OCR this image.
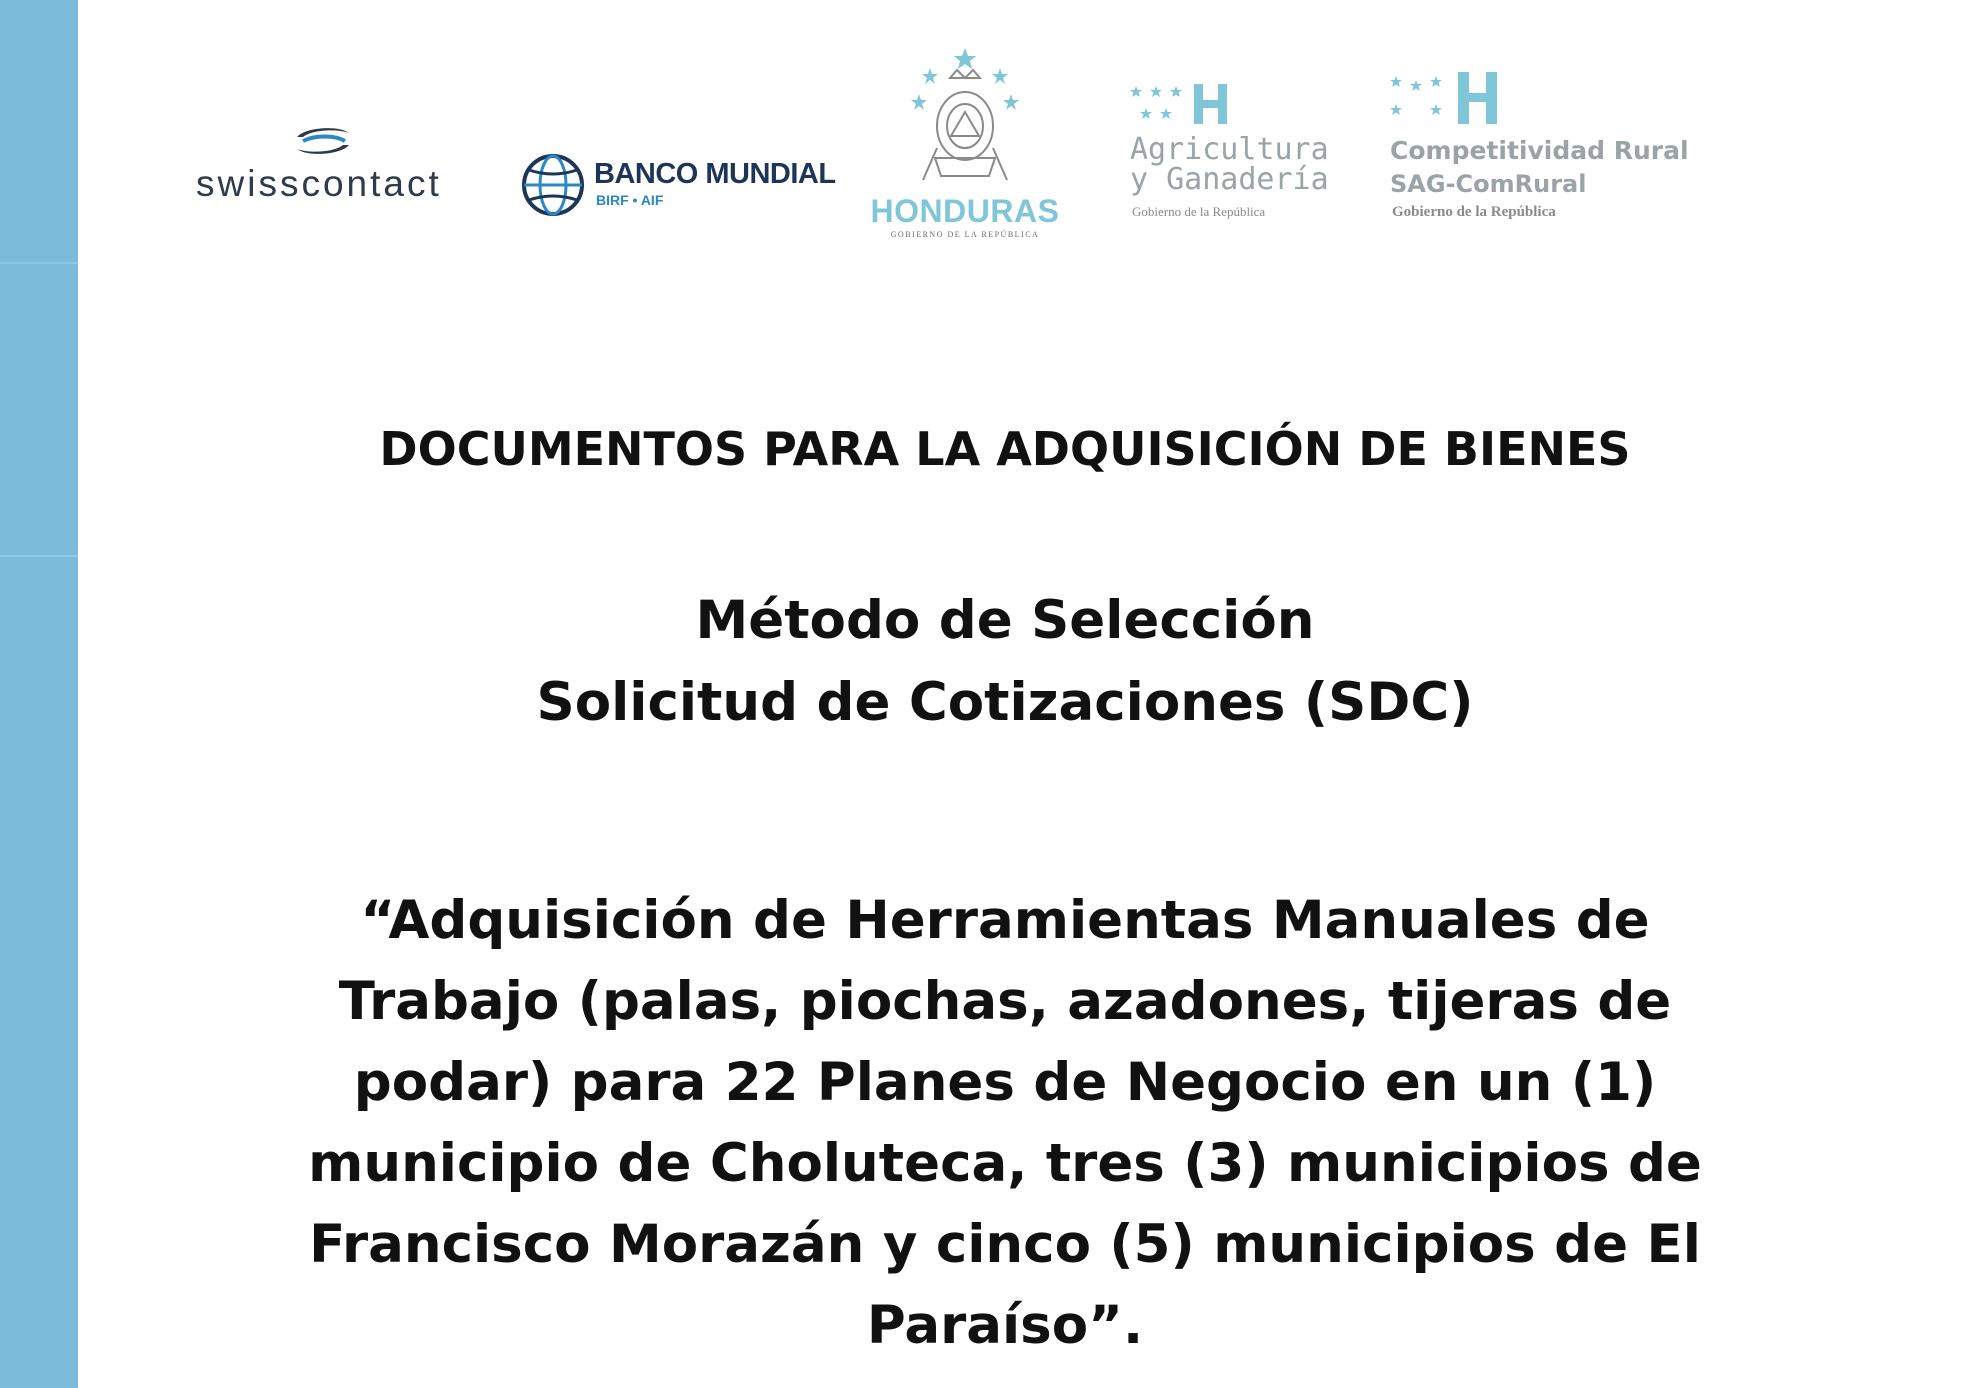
swisscontact	BANCO MUNDIAL
BIRF • AIF	HONDURAS
GOBIERNO DE LA REPÚBLICA
Agricultura
y Ganadería
Gobierno de la República
Competitividad Rural
SAG-ComRural
Gobierno de la República
DOCUMENTOS PARA LA ADQUISICIÓN DE BIENES
Método de Selección
Solicitud de Cotizaciones (SDC)
“Adquisición de Herramientas Manuales de
Trabajo (palas, piochas, azadones, tijeras de
podar) para 22 Planes de Negocio en un (1)
municipio de Choluteca, tres (3) municipios de
Francisco Morazán y cinco (5) municipios de El
Paraíso”.
